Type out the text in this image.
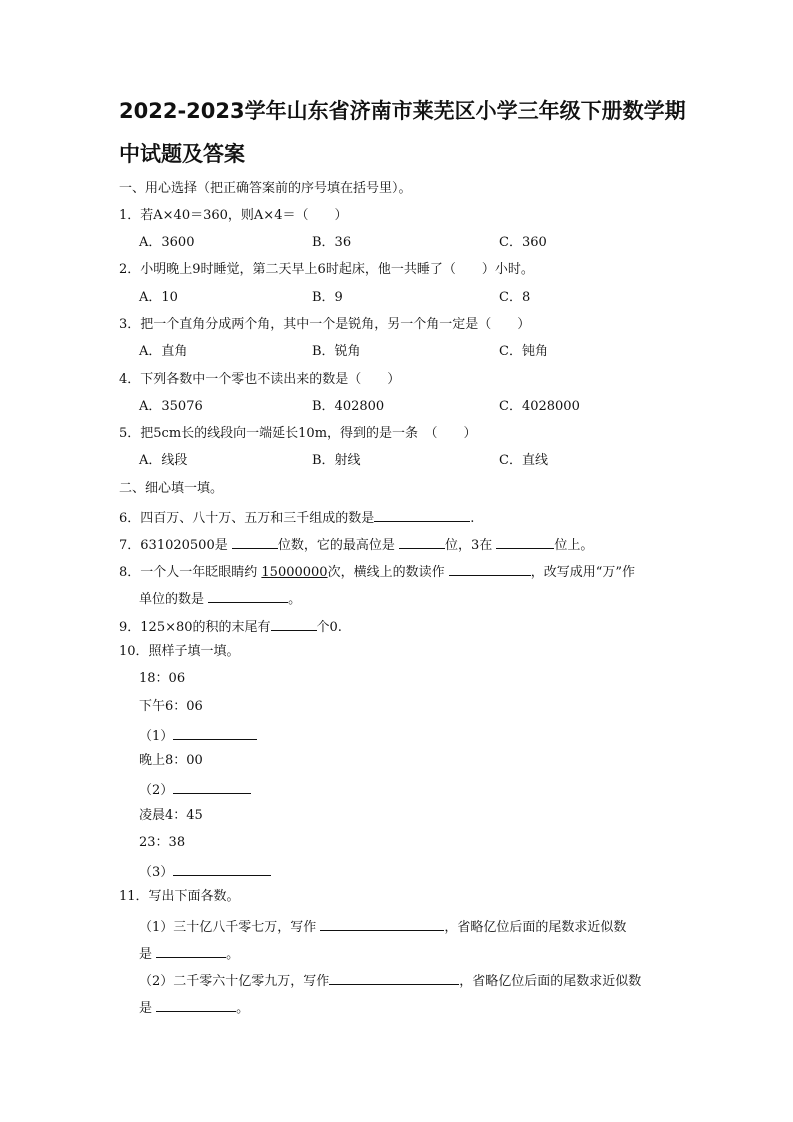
2022-2023学年山东省济南市莱芜区小学三年级下册数学期
中试题及答案
一、用心选择（把正确答案前的序号填在括号里）。
1．若A×40＝360，则A×4＝（　　）
A．3600	B．36	C．360
2．小明晚上9时睡觉，第二天早上6时起床，他一共睡了（　　）小时。
A．10	B．9	C．8
3．把一个直角分成两个角，其中一个是锐角，另一个角一定是（　　）
A．直角	B．锐角	C．钝角
4．下列各数中一个零也不读出来的数是（　　）
A．35076	B．402800	C．4028000
5．把5cm长的线段向一端延长10m，得到的是一条　（　　）
A．线段	B．射线	C．直线
二、细心填一填。
6．四百万、八十万、五万和三千组成的数是	.
7．631020500是	位数，它的最高位是	位，3在	位上。
8．一个人一年眨眼睛约 15000000次，横线上的数读作	，改写成用“万”作
单位的数是	。
9．125×80的积的末尾有	个0.
10．照样子填一填。
18：06
下午6：06
（1）
晚上8：00
（2）
凌晨4：45
23：38
（3）
11．写出下面各数。
（1）三十亿八千零七万，写作	，省略亿位后面的尾数求近似数
是	。
（2）二千零六十亿零九万，写作	，省略亿位后面的尾数求近似数
是	。
